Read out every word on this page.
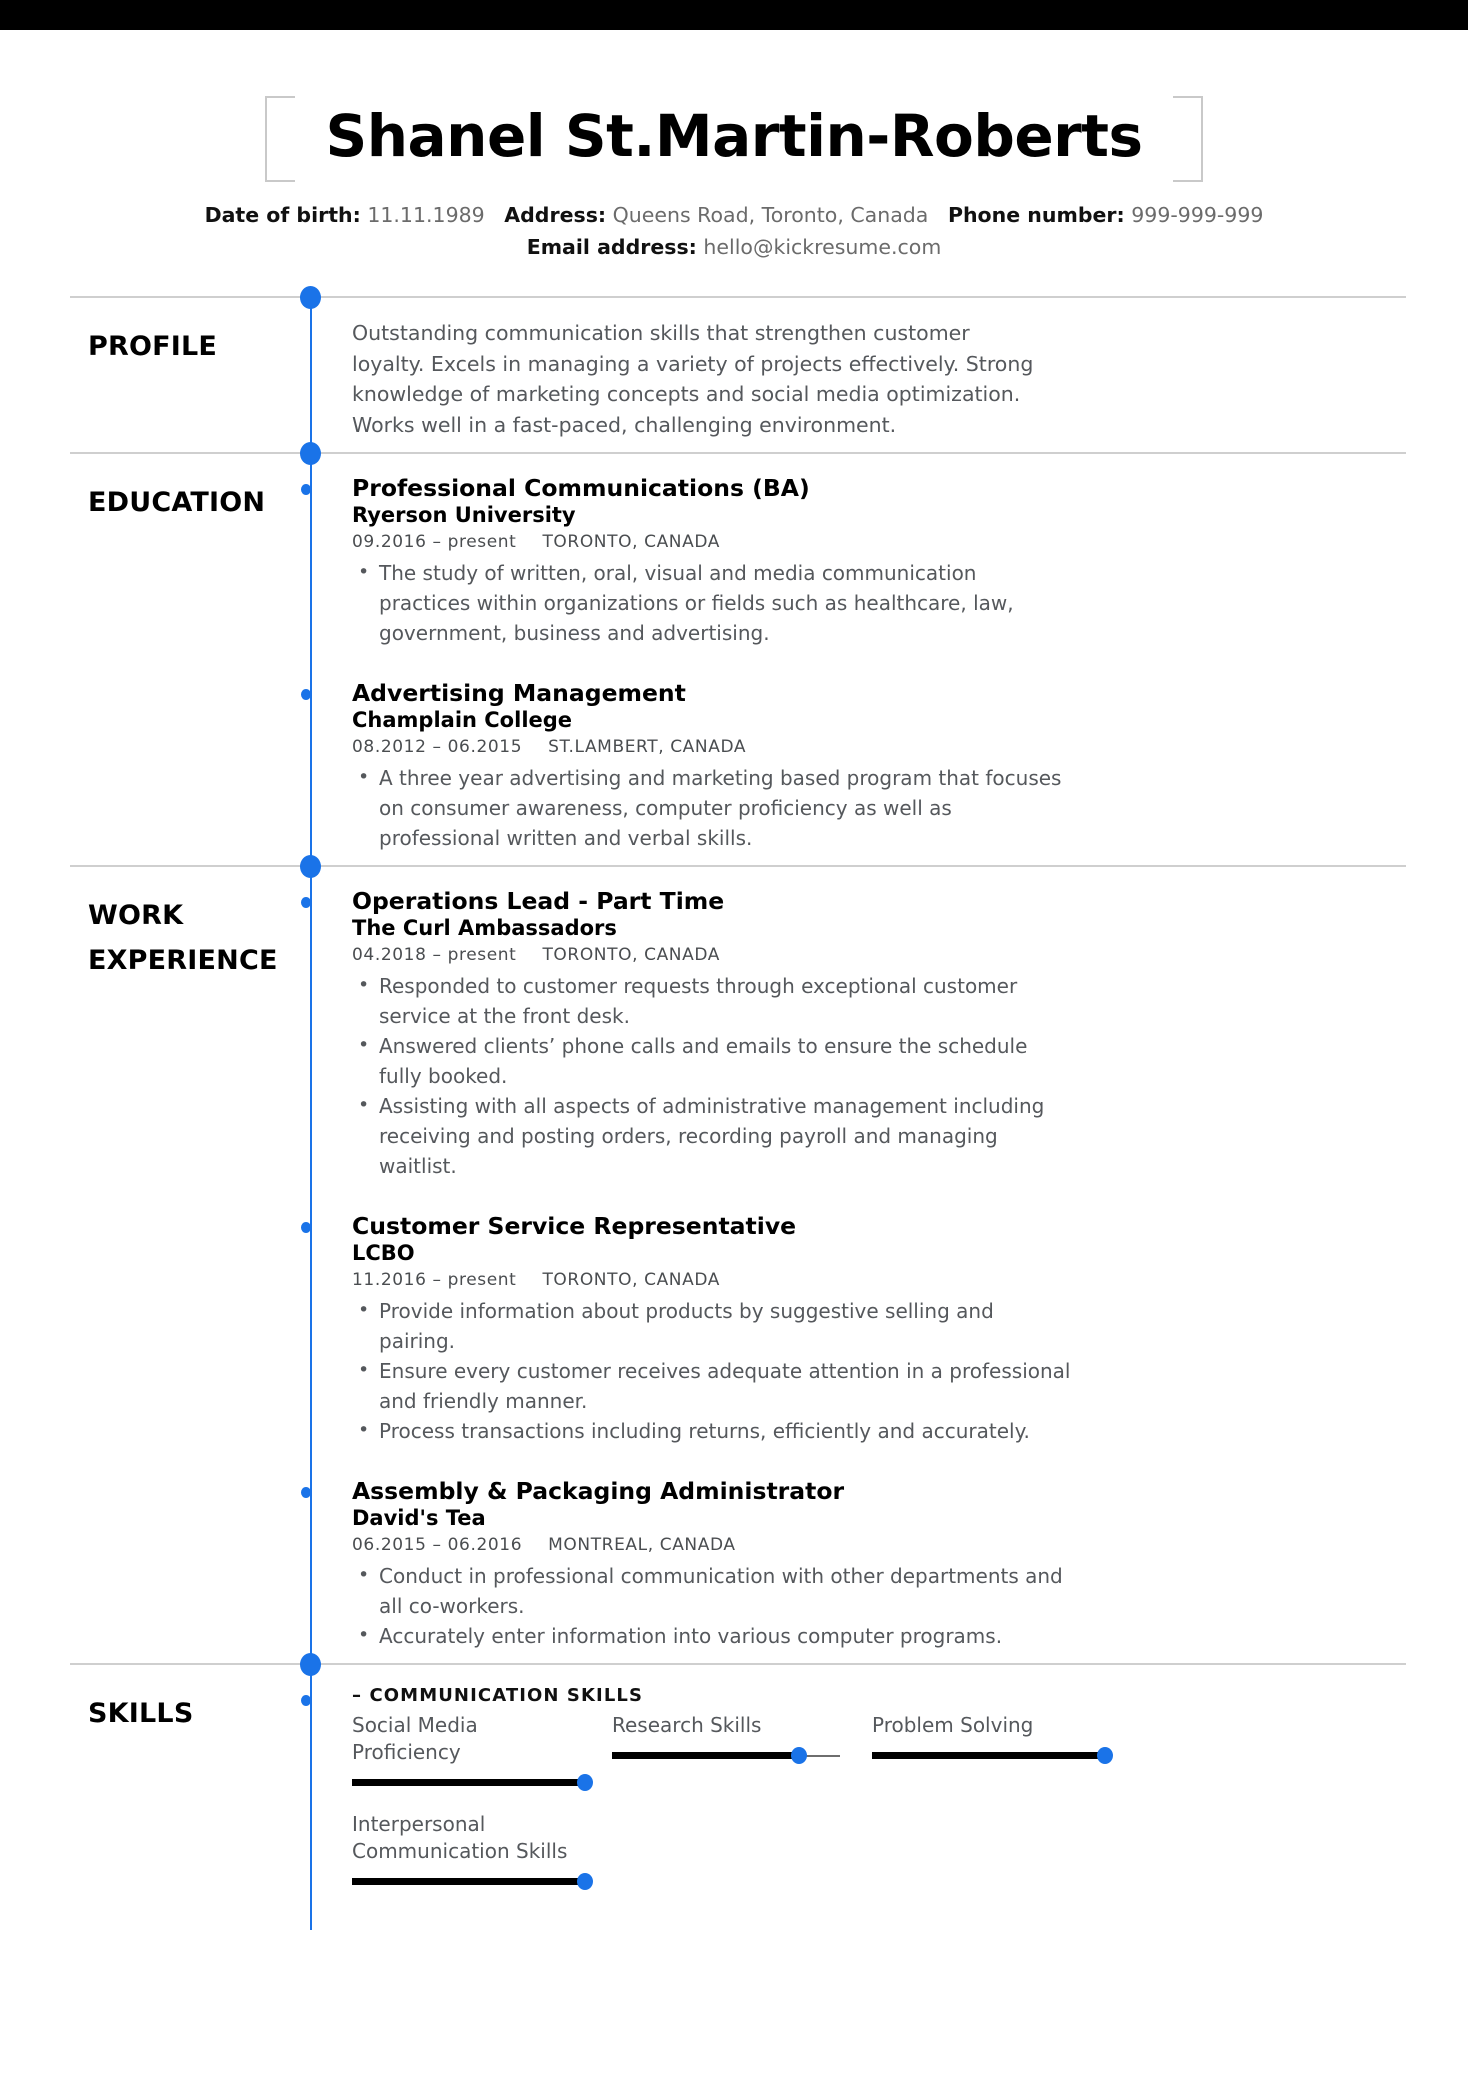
Shanel St.Martin-Roberts
Date of birth: 11.11.1989 Address: Queens Road, Toronto, Canada Phone number: 999-999-999
Email address: hello@kickresume.com
PROFILE	Outstanding communication skills that strengthen customer loyalty. Excels in managing a variety of projects effectively. Strong knowledge of marketing concepts and social media optimization. Works well in a fast-paced, challenging environment.
EDUCATION	Professional Communications (BA)
Ryerson University
09.2016 – present TORONTO, CANADA
• The study of written, oral, visual and media communication practices within organizations or fields such as healthcare, law, government, business and advertising.
Advertising Management
Champlain College
08.2012 – 06.2015 ST.LAMBERT, CANADA
• A three year advertising and marketing based program that focuses on consumer awareness, computer proficiency as well as professional written and verbal skills.
WORK
EXPERIENCE
Operations Lead - Part Time
The Curl Ambassadors
04.2018 – present TORONTO, CANADA
• Responded to customer requests through exceptional customer service at the front desk.
• Answered clients’ phone calls and emails to ensure the schedule fully booked.
• Assisting with all aspects of administrative management including receiving and posting orders, recording payroll and managing waitlist.
Customer Service Representative
LCBO
11.2016 – present TORONTO, CANADA
• Provide information about products by suggestive selling and pairing.
• Ensure every customer receives adequate attention in a professional and friendly manner.
• Process transactions including returns, efficiently and accurately.
Assembly & Packaging Administrator
David's Tea
06.2015 – 06.2016 MONTREAL, CANADA
• Conduct in professional communication with other departments and all co-workers.
• Accurately enter information into various computer programs.
SKILLS
– COMMUNICATION SKILLS
Social Media Proficiency
Research Skills	Problem Solving
Interpersonal Communication Skills
